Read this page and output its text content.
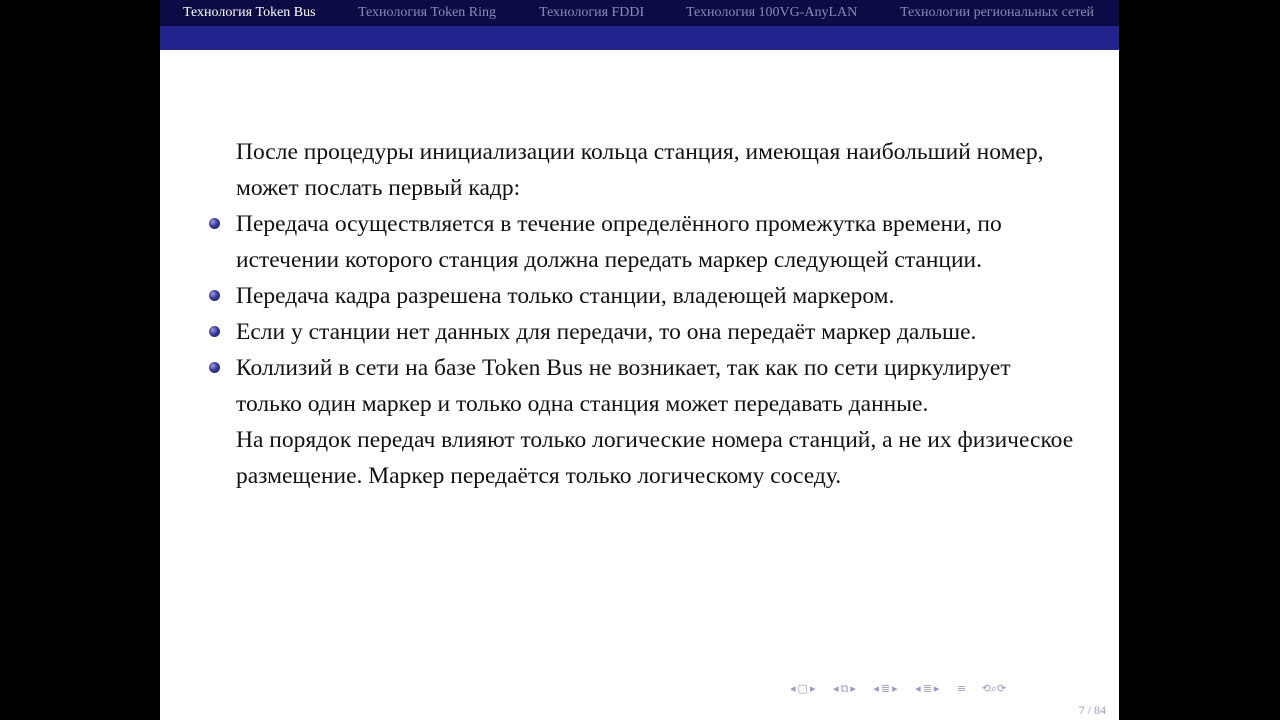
Технология Token Bus	Технология Token Ring	Технология FDDI	Технология 100VG-AnyLAN	Технологии региональных сетей

После процедуры инициализации кольца станция, имеющая наибольший номер, может послать первый кадр:

Передача осуществляется в течение определённого промежутка времени, по истечении которого станция должна передать маркер следующей станции.
Передача кадра разрешена только станции, владеющей маркером.
Если у станции нет данных для передачи, то она передаёт маркер дальше.
Коллизий в сети на базе Token Bus не возникает, так как по сети циркулирует только один маркер и только одна станция может передавать данные.

На порядок передач влияют только логические номера станций, а не их физическое размещение. Маркер передаётся только логическому соседу.

◂ ▢ ▸ ◂ ⧉ ▸ ◂ ≣ ▸ ◂ ≣ ▸ ≡ ⟲⌕⟳
7 / 84
